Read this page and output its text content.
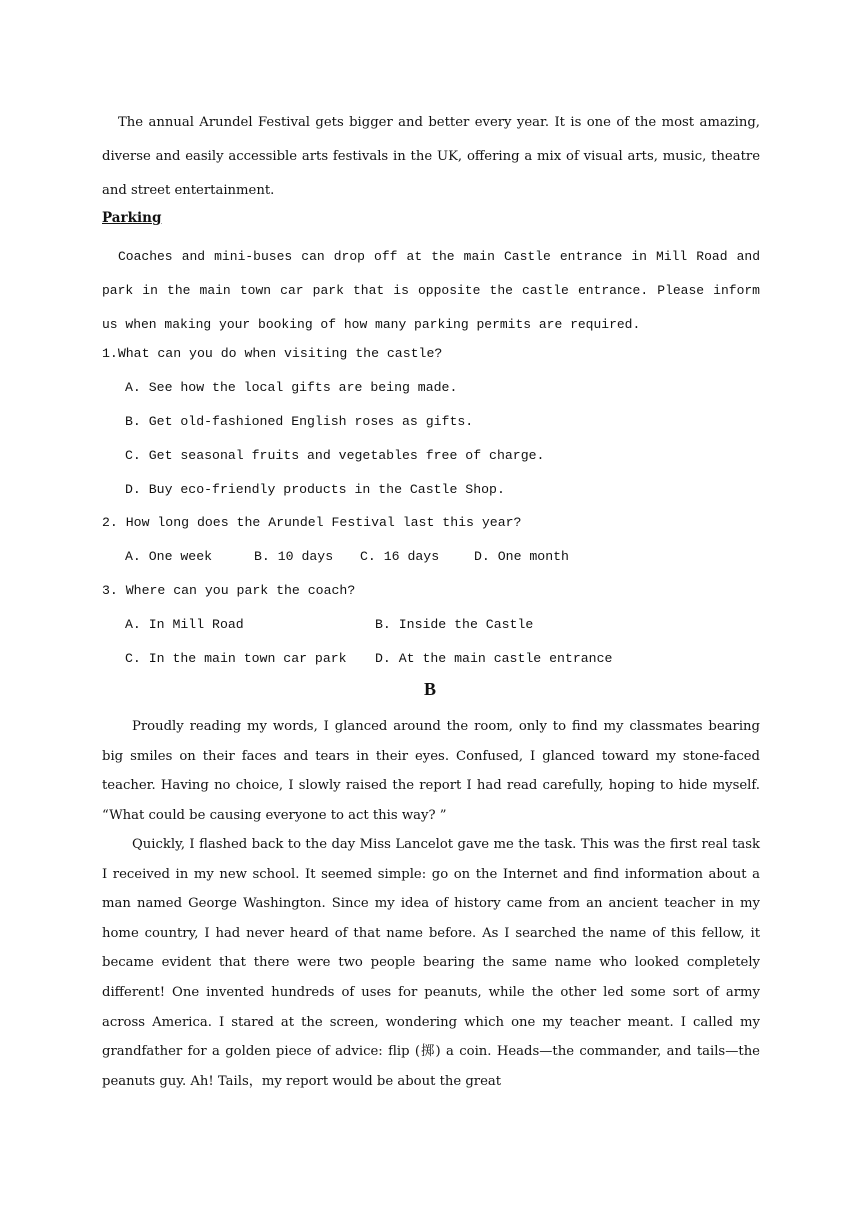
The annual Arundel Festival gets bigger and better every year. It is one of the most amazing, diverse and easily accessible arts festivals in the UK, offering a mix of visual arts, music, theatre and street entertainment.
Parking
Coaches and mini-buses can drop off at the main Castle entrance in Mill Road and park in the main town car park that is opposite the castle entrance. Please inform us when making your booking of how many parking permits are required.
1.What can you do when visiting the castle?
A. See how the local gifts are being made.
B. Get old-fashioned English roses as gifts.
C. Get seasonal fruits and vegetables free of charge.
D. Buy eco-friendly products in the Castle Shop.
2. How long does the Arundel Festival last this year?
A. One week	B. 10 days C. 16 days	D. One month
3. Where can you park the coach?
A. In Mill Road	B. Inside the Castle
C. In the main town car park D. At the main castle entrance
B
Proudly reading my words, I glanced around the room, only to find my classmates bearing big smiles on their faces and tears in their eyes. Confused, I glanced toward my stone-faced teacher. Having no choice, I slowly raised the report I had read carefully, hoping to hide myself. “What could be causing everyone to act this way? ”
Quickly, I flashed back to the day Miss Lancelot gave me the task. This was the first real task I received in my new school. It seemed simple: go on the Internet and find information about a man named George Washington. Since my idea of history came from an ancient teacher in my home country, I had never heard of that name before. As I searched the name of this fellow, it became evident that there were two people bearing the same name who looked completely different! One invented hundreds of uses for peanuts, while the other led some sort of army across America. I stared at the screen, wondering which one my teacher meant. I called my grandfather for a golden piece of advice: flip (掷) a coin. Heads—the commander, and tails—the peanuts guy. Ah! Tails，my report would be about the great
